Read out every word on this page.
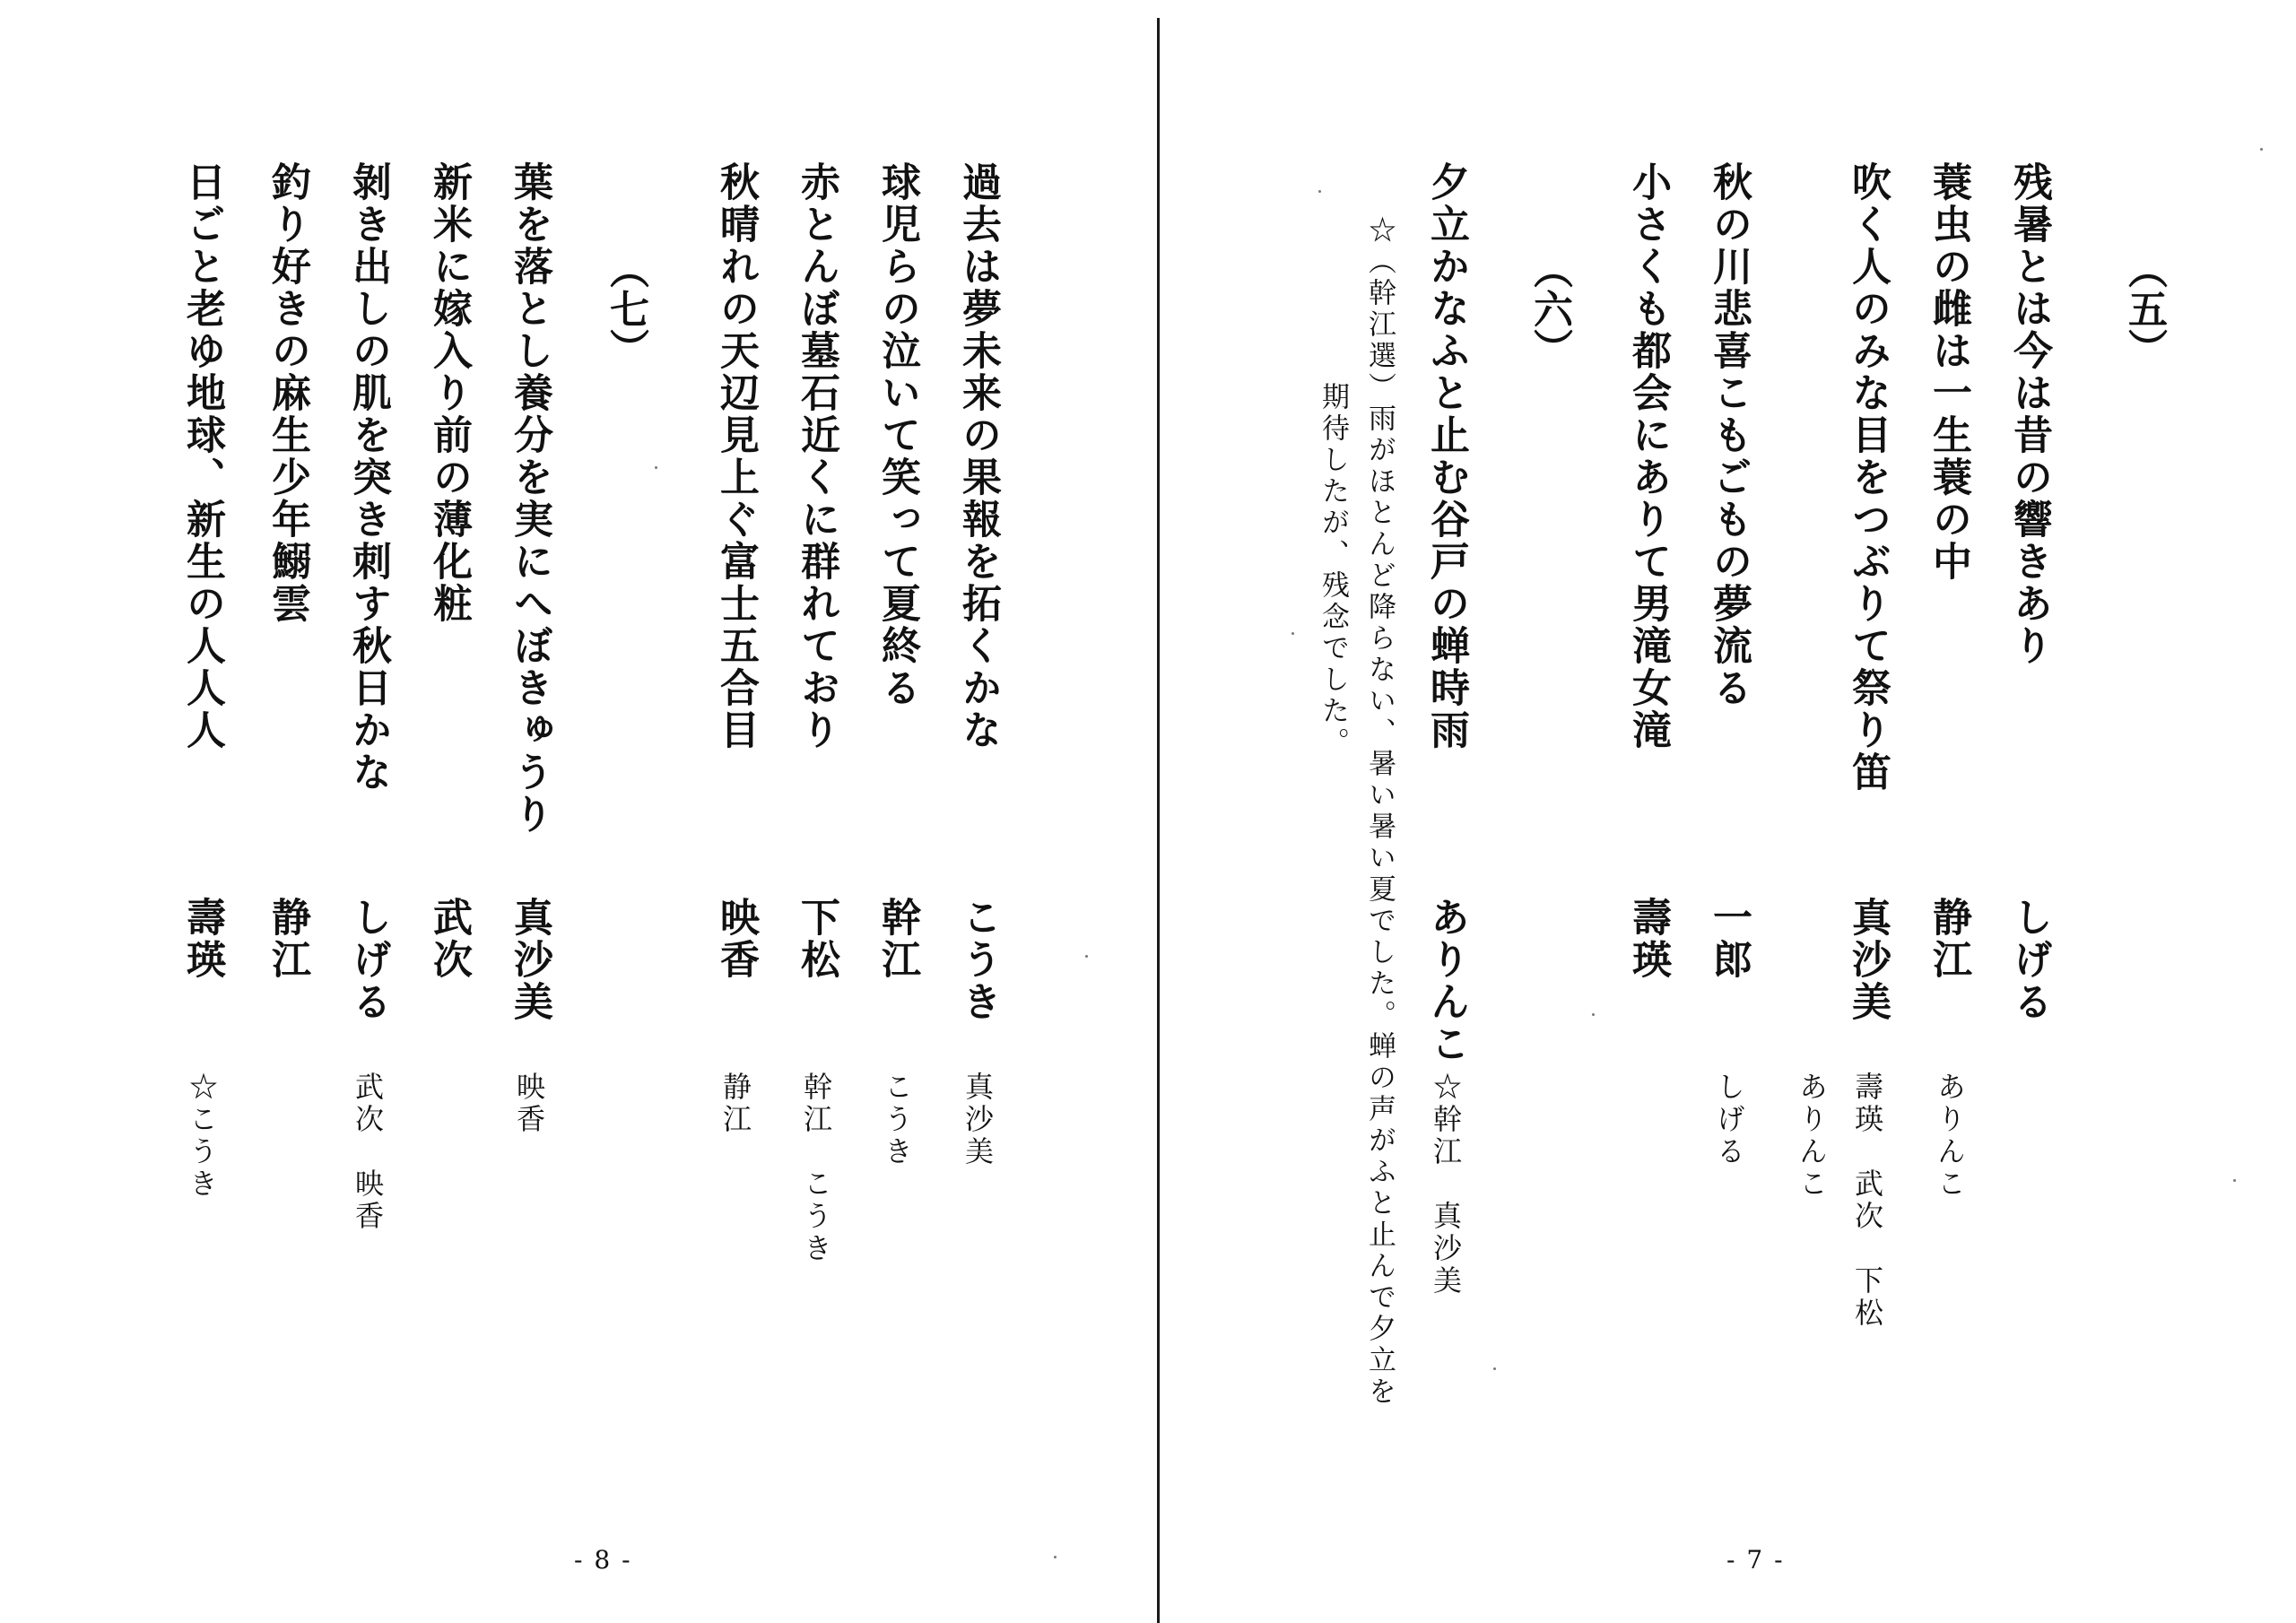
（五）
残暑とは今は昔の響きあり
しげる
蓑虫の雌は一生蓑の中
静江
ありんこ
吹く人のみな目をつぶりて祭り笛
真沙美
壽瑛　武次　下松
ありんこ
秋の川悲喜こもごもの夢流る
一郎
しげる
小さくも都会にありて男滝女滝
壽瑛
（六）
夕立かなふと止む谷戸の蝉時雨
ありんこ
☆幹江　真沙美
☆（幹江選）雨がほとんど降らない、暑い暑い夏でした。蝉の声がふと止んで夕立を
期待したが、残念でした。
- 7 -
過去は夢未来の果報を拓くかな
こうき
真沙美
球児らの泣いて笑って夏終る
幹江
こうき
赤とんぼ墓石近くに群れており
下松
幹江　こうき
秋晴れの天辺見上ぐ富士五合目
映香
静江
（七）
葉を落とし養分を実にへぼきゅうり
真沙美
映香
新米に嫁入り前の薄化粧
武次
剝き出しの肌を突き刺す秋日かな
しげる
武次　映香
釣り好きの麻生少年鰯雲
静江
日ごと老ゆ地球、新生の人人人
壽瑛
☆こうき
- 8 -
